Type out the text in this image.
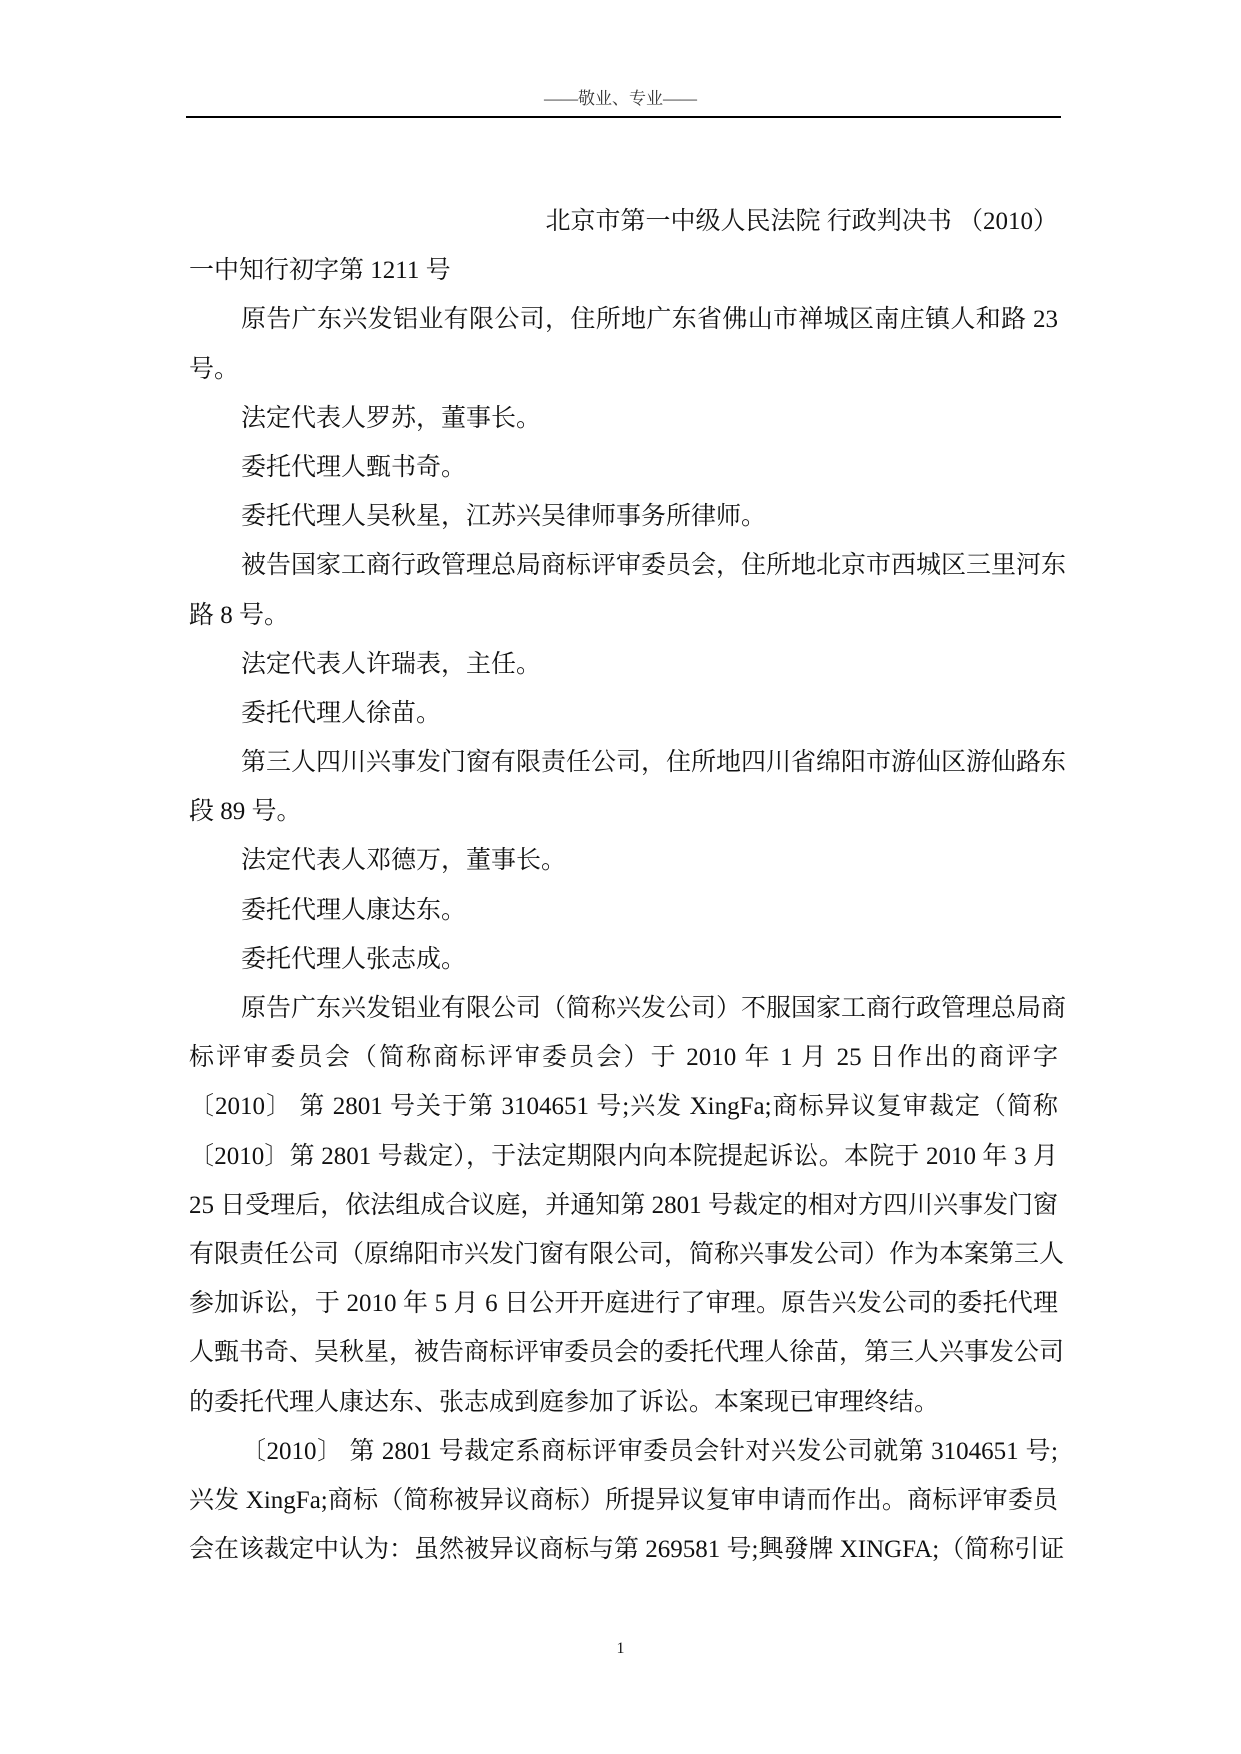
——敬业、专业——
北京市第一中级人民法院 行政判决书 （2010）
一中知行初字第 1211 号
原告广东兴发铝业有限公司，住所地广东省佛山市禅城区南庄镇人和路 23
号。
法定代表人罗苏，董事长。
委托代理人甄书奇。
委托代理人吴秋星，江苏兴吴律师事务所律师。
被告国家工商行政管理总局商标评审委员会，住所地北京市西城区三里河东
路 8 号。
法定代表人许瑞表，主任。
委托代理人徐苗。
第三人四川兴事发门窗有限责任公司，住所地四川省绵阳市游仙区游仙路东
段 89 号。
法定代表人邓德万，董事长。
委托代理人康达东。
委托代理人张志成。
原告广东兴发铝业有限公司（简称兴发公司）不服国家工商行政管理总局商
标评审委员会（简称商标评审委员会）于 2010 年 1 月 25 日作出的商评字
〔2010〕 第 2801 号关于第 3104651 号;兴发 XingFa;商标异议复审裁定（简称
〔2010〕第 2801 号裁定），于法定期限内向本院提起诉讼。本院于 2010 年 3 月
25 日受理后，依法组成合议庭，并通知第 2801 号裁定的相对方四川兴事发门窗
有限责任公司（原绵阳市兴发门窗有限公司，简称兴事发公司）作为本案第三人
参加诉讼，于 2010 年 5 月 6 日公开开庭进行了审理。原告兴发公司的委托代理
人甄书奇、吴秋星，被告商标评审委员会的委托代理人徐苗，第三人兴事发公司
的委托代理人康达东、张志成到庭参加了诉讼。本案现已审理终结。
〔2010〕 第 2801 号裁定系商标评审委员会针对兴发公司就第 3104651 号;
兴发 XingFa;商标（简称被异议商标）所提异议复审申请而作出。商标评审委员
会在该裁定中认为：虽然被异议商标与第 269581 号;興發牌 XINGFA;（简称引证
1
